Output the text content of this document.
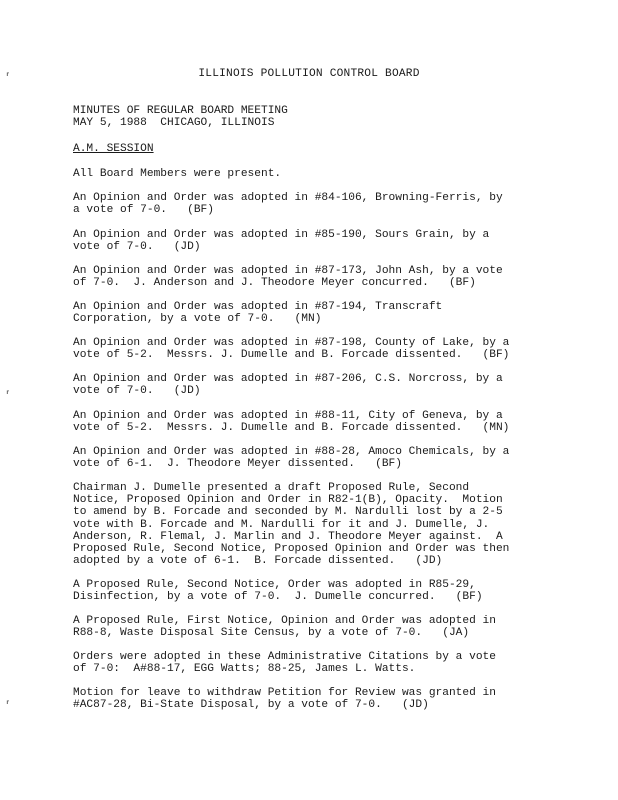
⸢
⸢
⸢
ILLINOIS POLLUTION CONTROL BOARD
MINUTES OF REGULAR BOARD MEETING
MAY 5, 1988  CHICAGO, ILLINOIS
A.M. SESSION
All Board Members were present.
An Opinion and Order was adopted in #84-106, Browning-Ferris, by
a vote of 7-0.   (BF)
An Opinion and Order was adopted in #85-190, Sours Grain, by a
vote of 7-0.   (JD)
An Opinion and Order was adopted in #87-173, John Ash, by a vote
of 7-0.  J. Anderson and J. Theodore Meyer concurred.   (BF)
An Opinion and Order was adopted in #87-194, Transcraft
Corporation, by a vote of 7-0.   (MN)
An Opinion and Order was adopted in #87-198, County of Lake, by a
vote of 5-2.  Messrs. J. Dumelle and B. Forcade dissented.   (BF)
An Opinion and Order was adopted in #87-206, C.S. Norcross, by a
vote of 7-0.   (JD)
An Opinion and Order was adopted in #88-11, City of Geneva, by a
vote of 5-2.  Messrs. J. Dumelle and B. Forcade dissented.   (MN)
An Opinion and Order was adopted in #88-28, Amoco Chemicals, by a
vote of 6-1.  J. Theodore Meyer dissented.   (BF)
Chairman J. Dumelle presented a draft Proposed Rule, Second
Notice, Proposed Opinion and Order in R82-1(B), Opacity.  Motion
to amend by B. Forcade and seconded by M. Nardulli lost by a 2-5
vote with B. Forcade and M. Nardulli for it and J. Dumelle, J.
Anderson, R. Flemal, J. Marlin and J. Theodore Meyer against.  A
Proposed Rule, Second Notice, Proposed Opinion and Order was then
adopted by a vote of 6-1.  B. Forcade dissented.   (JD)
A Proposed Rule, Second Notice, Order was adopted in R85-29,
Disinfection, by a vote of 7-0.  J. Dumelle concurred.   (BF)
A Proposed Rule, First Notice, Opinion and Order was adopted in
R88-8, Waste Disposal Site Census, by a vote of 7-0.   (JA)
Orders were adopted in these Administrative Citations by a vote
of 7-0:  A#88-17, EGG Watts; 88-25, James L. Watts.
Motion for leave to withdraw Petition for Review was granted in
#AC87-28, Bi-State Disposal, by a vote of 7-0.   (JD)
